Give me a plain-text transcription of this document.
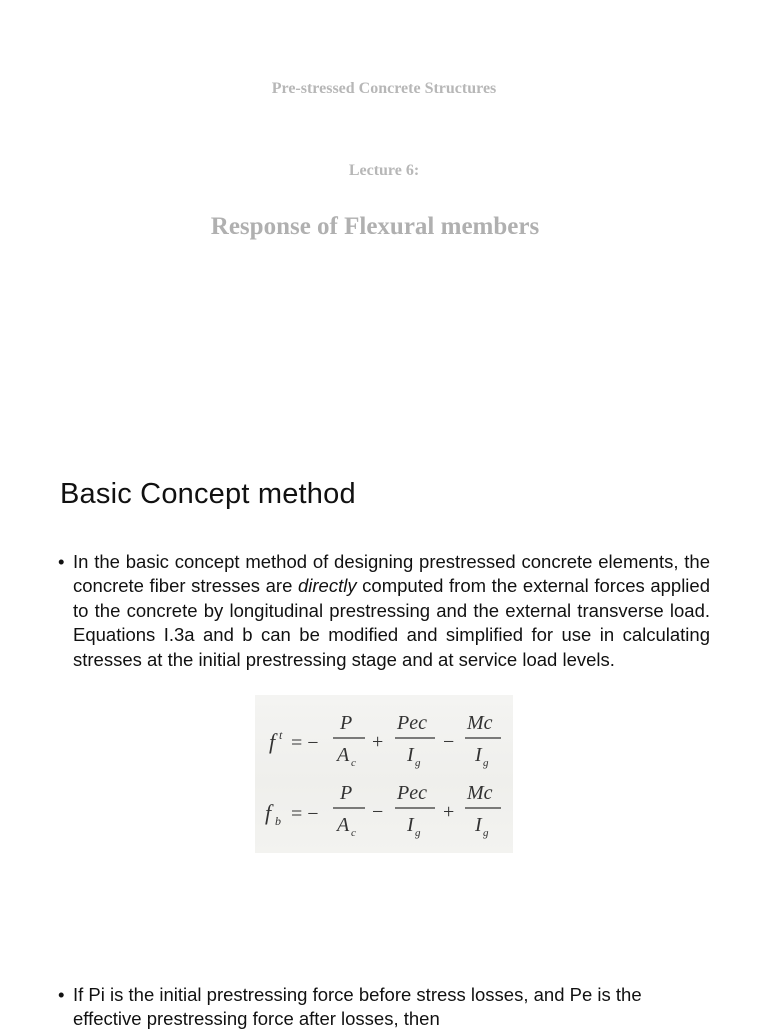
Pre-stressed Concrete Structures
Lecture 6:
Response of Flexural members
Basic Concept method
• In the basic concept method of designing prestressed concrete elements, the concrete fiber stresses are directly computed from the external forces applied to the concrete by longitudinal prestressing and the external transverse load. Equations I.3a and b can be modified and simplified for use in calculating stresses at the initial prestressing stage and at service load levels.
f t = −
P
A c
+
Pec
I g
−
Mc
I g
f b = −
P
A c
−
Pec
I g
+
Mc
I g
• If Pi is the initial prestressing force before stress losses, and Pe is the effective prestressing force after losses, then
